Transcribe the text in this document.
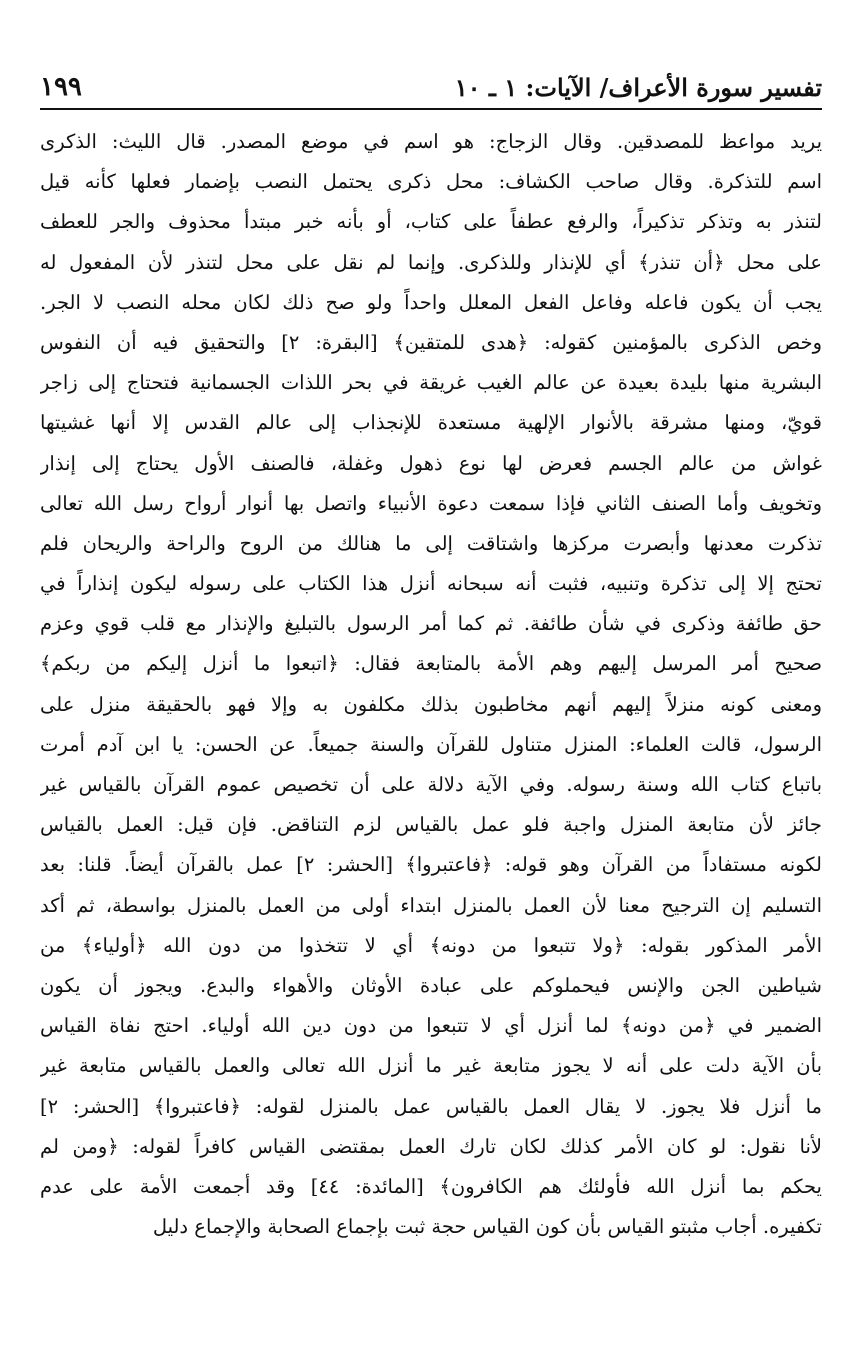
تفسير سورة الأعراف/ الآيات: ١ ـ ١٠
١٩٩
يريد مواعظ للمصدقين. وقال الزجاج: هو اسم في موضع المصدر. قال الليث: الذكرى
اسم للتذكرة. وقال صاحب الكشاف: محل ذكرى يحتمل النصب بإضمار فعلها كأنه قيل
لتنذر به وتذكر تذكيراً، والرفع عطفاً على كتاب، أو بأنه خبر مبتدأ محذوف والجر للعطف
على محل ﴿أن تنذر﴾ أي للإنذار وللذكرى. وإنما لم نقل على محل لتنذر لأن المفعول له
يجب أن يكون فاعله وفاعل الفعل المعلل واحداً ولو صح ذلك لكان محله النصب لا الجر.
وخص الذكرى بالمؤمنين كقوله: ﴿هدى للمتقين﴾ [البقرة: ٢] والتحقيق فيه أن النفوس
البشرية منها بليدة بعيدة عن عالم الغيب غريقة في بحر اللذات الجسمانية فتحتاج إلى زاجر
قويّ، ومنها مشرقة بالأنوار الإلهية مستعدة للإنجذاب إلى عالم القدس إلا أنها غشيتها
غواش من عالم الجسم فعرض لها نوع ذهول وغفلة، فالصنف الأول يحتاج إلى إنذار
وتخويف وأما الصنف الثاني فإذا سمعت دعوة الأنبياء واتصل بها أنوار أرواح رسل الله تعالى
تذكرت معدنها وأبصرت مركزها واشتاقت إلى ما هنالك من الروح والراحة والريحان فلم
تحتج إلا إلى تذكرة وتنبيه، فثبت أنه سبحانه أنزل هذا الكتاب على رسوله ليكون إنذاراً في
حق طائفة وذكرى في شأن طائفة. ثم كما أمر الرسول بالتبليغ والإنذار مع قلب قوي وعزم
صحيح أمر المرسل إليهم وهم الأمة بالمتابعة فقال: ﴿اتبعوا ما أنزل إليكم من ربكم﴾
ومعنى كونه منزلاً إليهم أنهم مخاطبون بذلك مكلفون به وإلا فهو بالحقيقة منزل على
الرسول، قالت العلماء: المنزل متناول للقرآن والسنة جميعاً. عن الحسن: يا ابن آدم أمرت
باتباع كتاب الله وسنة رسوله. وفي الآية دلالة على أن تخصيص عموم القرآن بالقياس غير
جائز لأن متابعة المنزل واجبة فلو عمل بالقياس لزم التناقض. فإن قيل: العمل بالقياس
لكونه مستفاداً من القرآن وهو قوله: ﴿فاعتبروا﴾ [الحشر: ٢] عمل بالقرآن أيضاً. قلنا: بعد
التسليم إن الترجيح معنا لأن العمل بالمنزل ابتداء أولى من العمل بالمنزل بواسطة، ثم أكد
الأمر المذكور بقوله: ﴿ولا تتبعوا من دونه﴾ أي لا تتخذوا من دون الله ﴿أولياء﴾ من
شياطين الجن والإنس فيحملوكم على عبادة الأوثان والأهواء والبدع. ويجوز أن يكون
الضمير في ﴿من دونه﴾ لما أنزل أي لا تتبعوا من دون دين الله أولياء. احتج نفاة القياس
بأن الآية دلت على أنه لا يجوز متابعة غير ما أنزل الله تعالى والعمل بالقياس متابعة غير
ما أنزل فلا يجوز. لا يقال العمل بالقياس عمل بالمنزل لقوله: ﴿فاعتبروا﴾ [الحشر: ٢]
لأنا نقول: لو كان الأمر كذلك لكان تارك العمل بمقتضى القياس كافراً لقوله: ﴿ومن لم
يحكم بما أنزل الله فأولئك هم الكافرون﴾ [المائدة: ٤٤] وقد أجمعت الأمة على عدم
تكفيره. أجاب مثبتو القياس بأن كون القياس حجة ثبت بإجماع الصحابة والإجماع دليل
